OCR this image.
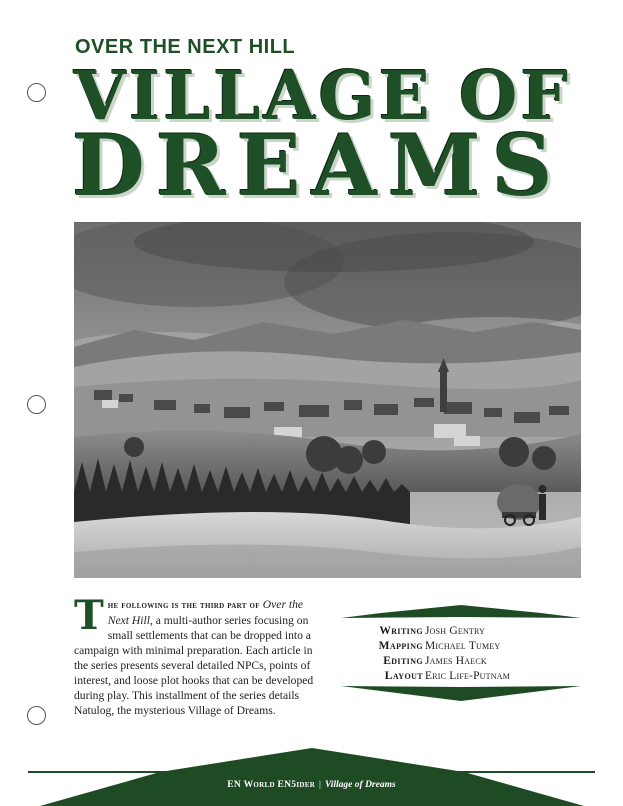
OVER THE NEXT HILL
VILLAGE OF
DREAMS

The following is the third part of Over the Next Hill, a multi-author series focusing on small settlements that can be dropped into a campaign with minimal preparation. Each article in the series presents several detailed NPCs, points of interest, and loose plot hooks that can be developed during play. This installment of the series details Natulog, the mysterious Village of Dreams.

Writing Josh Gentry
Mapping Michael Tumey
Editing James Haeck
Layout Eric Life-Putnam
EN World EN5ider | Village of Dreams
